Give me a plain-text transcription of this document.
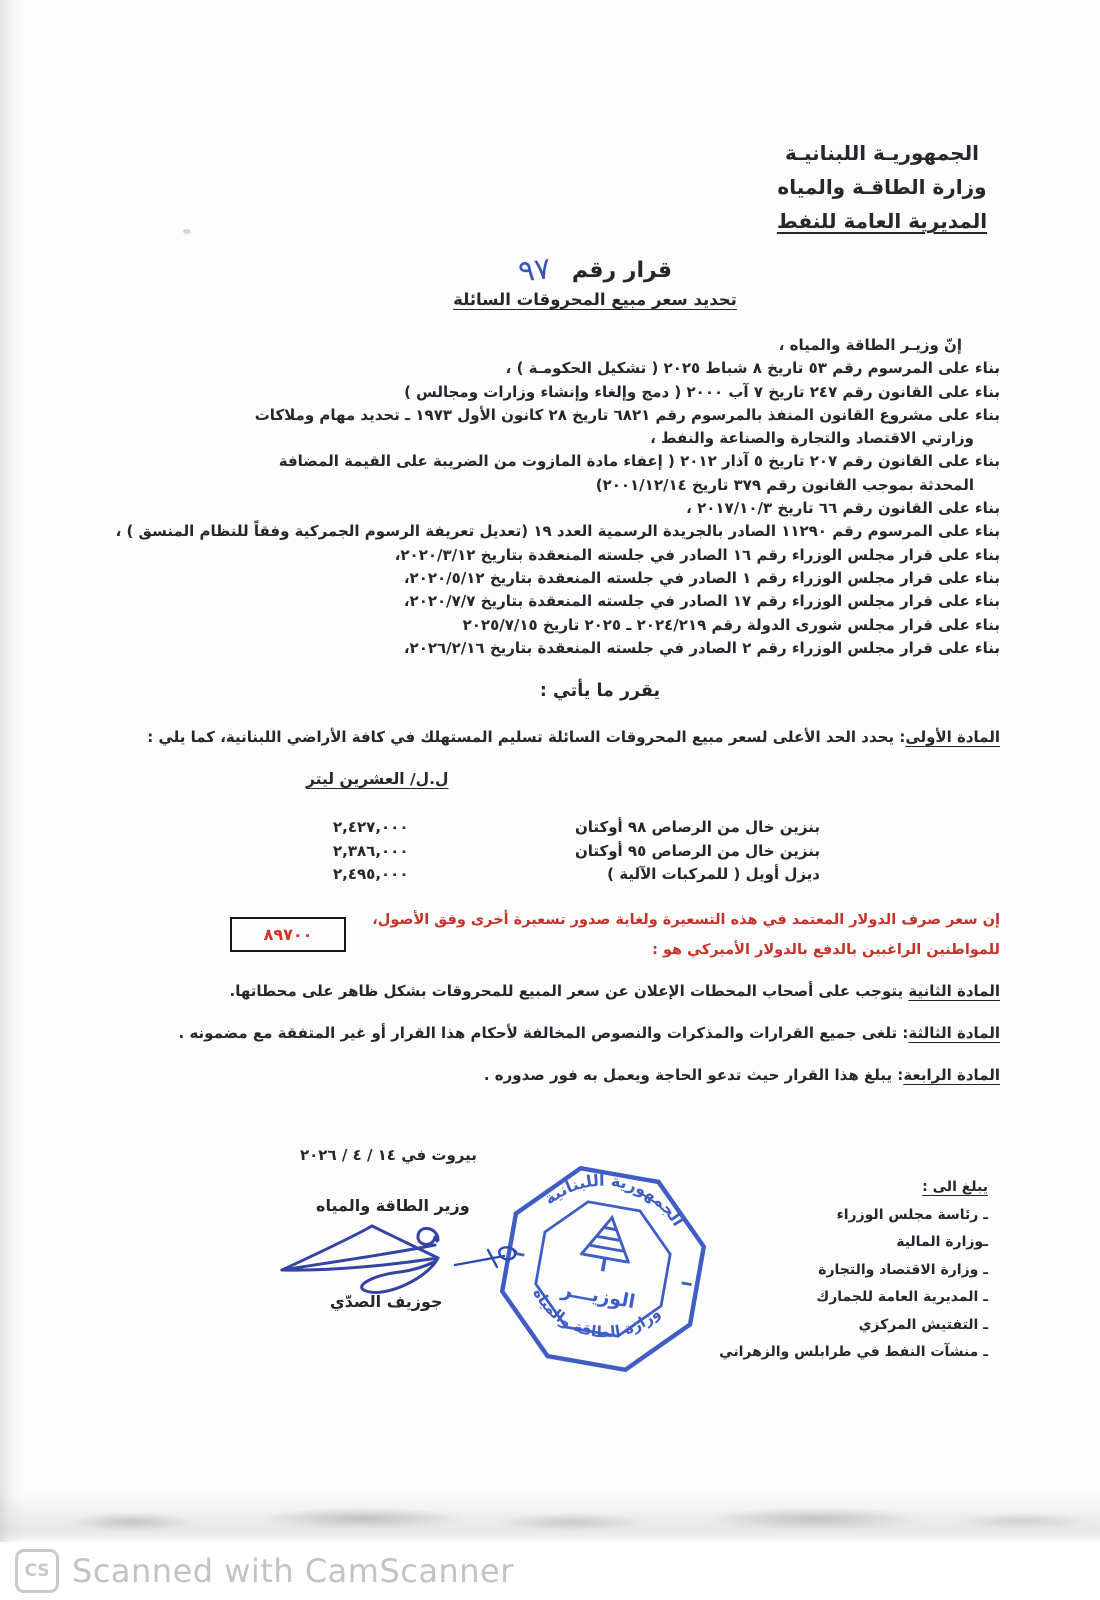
الجمهوريـة اللبنانيـة
وزارة الطاقـة والمياه
المديرية العامة للنفط
قرار رقم ٩٧
تحديد سعر مبيع المحروقات السائلة
إنّ وزيـر الطاقة والمياه ،
بناء على المرسوم رقم ٥٣ تاريخ ٨ شباط ٢٠٢٥ ( تشكيل الحكومـة ) ،
بناء على القانون رقم ٢٤٧ تاريخ ٧ آب ٢٠٠٠ ( دمج وإلغاء وإنشاء وزارات ومجالس )
بناء على مشروع القانون المنفذ بالمرسوم رقم ٦٨٢١ تاريخ ٢٨ كانون الأول ١٩٧٣ ـ تحديد مهام وملاكات
وزارتي الاقتصاد والتجارة والصناعة والنفط ،
بناء على القانون رقم ٢٠٧ تاريخ ٥ آذار ٢٠١٢ ( إعفاء مادة المازوت من الضريبة على القيمة المضافة
المحدثة بموجب القانون رقم ٣٧٩ تاريخ ٢٠٠١/١٢/١٤)
بناء على القانون رقم ٦٦ تاريخ ٢٠١٧/١٠/٣ ،
بناء على المرسوم رقم ١١٢٩٠ الصادر بالجريدة الرسمية العدد ١٩ (تعديل تعريفة الرسوم الجمركية وفقاً للنظام المنسق ) ،
بناء على قرار مجلس الوزراء رقم ١٦ الصادر في جلسته المنعقدة بتاريخ ٢٠٢٠/٣/١٢،
بناء على قرار مجلس الوزراء رقم ١ الصادر في جلسته المنعقدة بتاريخ ٢٠٢٠/٥/١٢،
بناء على قرار مجلس الوزراء رقم ١٧ الصادر في جلسته المنعقدة بتاريخ ٢٠٢٠/٧/٧،
بناء على قرار مجلس شورى الدولة رقم ٢٠٢٤/٢١٩ ـ ٢٠٢٥ تاريخ ٢٠٢٥/٧/١٥
بناء على قرار مجلس الوزراء رقم ٢ الصادر في جلسته المنعقدة بتاريخ ٢٠٢٦/٢/١٦،
يقرر ما يأتي :
المادة الأولى: يحدد الحد الأعلى لسعر مبيع المحروقات السائلة تسليم المستهلك في كافة الأراضي اللبنانية، كما يلي :
ل.ل/ العشرين ليتر
بنزين خال من الرصاص ٩٨ أوكتان
٢,٤٢٧,٠٠٠
بنزين خال من الرصاص ٩٥ أوكتان
٢,٣٨٦,٠٠٠
ديزل أويل ( للمركبات الآلية )
٢,٤٩٥,٠٠٠
إن سعر صرف الدولار المعتمد في هذه التسعيرة ولغاية صدور تسعيرة أخرى وفق الأصول،
للمواطنين الراغبين بالدفع بالدولار الأميركي هو :
٨٩٧٠٠
المادة الثانية يتوجب على أصحاب المحطات الإعلان عن سعر المبيع للمحروقات بشكل ظاهر على محطاتها.
المادة الثالثة: تلغى جميع القرارات والمذكرات والنصوص المخالفة لأحكام هذا القرار أو غير المتفقة مع مضمونه .
المادة الرابعة: يبلغ هذا القرار حيث تدعو الحاجة ويعمل به فور صدوره .
بيروت في ١٤ / ٤ / ٢٠٢٦
يبلغ الى :
ـ رئاسة مجلس الوزراء
ـوزارة المالية
ـ وزارة الاقتصاد والتجارة
ـ المديرية العامة للجمارك
ـ التفتيش المركزي
ـ منشآت النفط في طرابلس والزهراني
وزير الطاقة والمياه
جوزيف الصدّي
الجمهورية اللبنانية
وزارة الطاقة والمياه
الوزيـــر
CS Scanned with CamScanner
